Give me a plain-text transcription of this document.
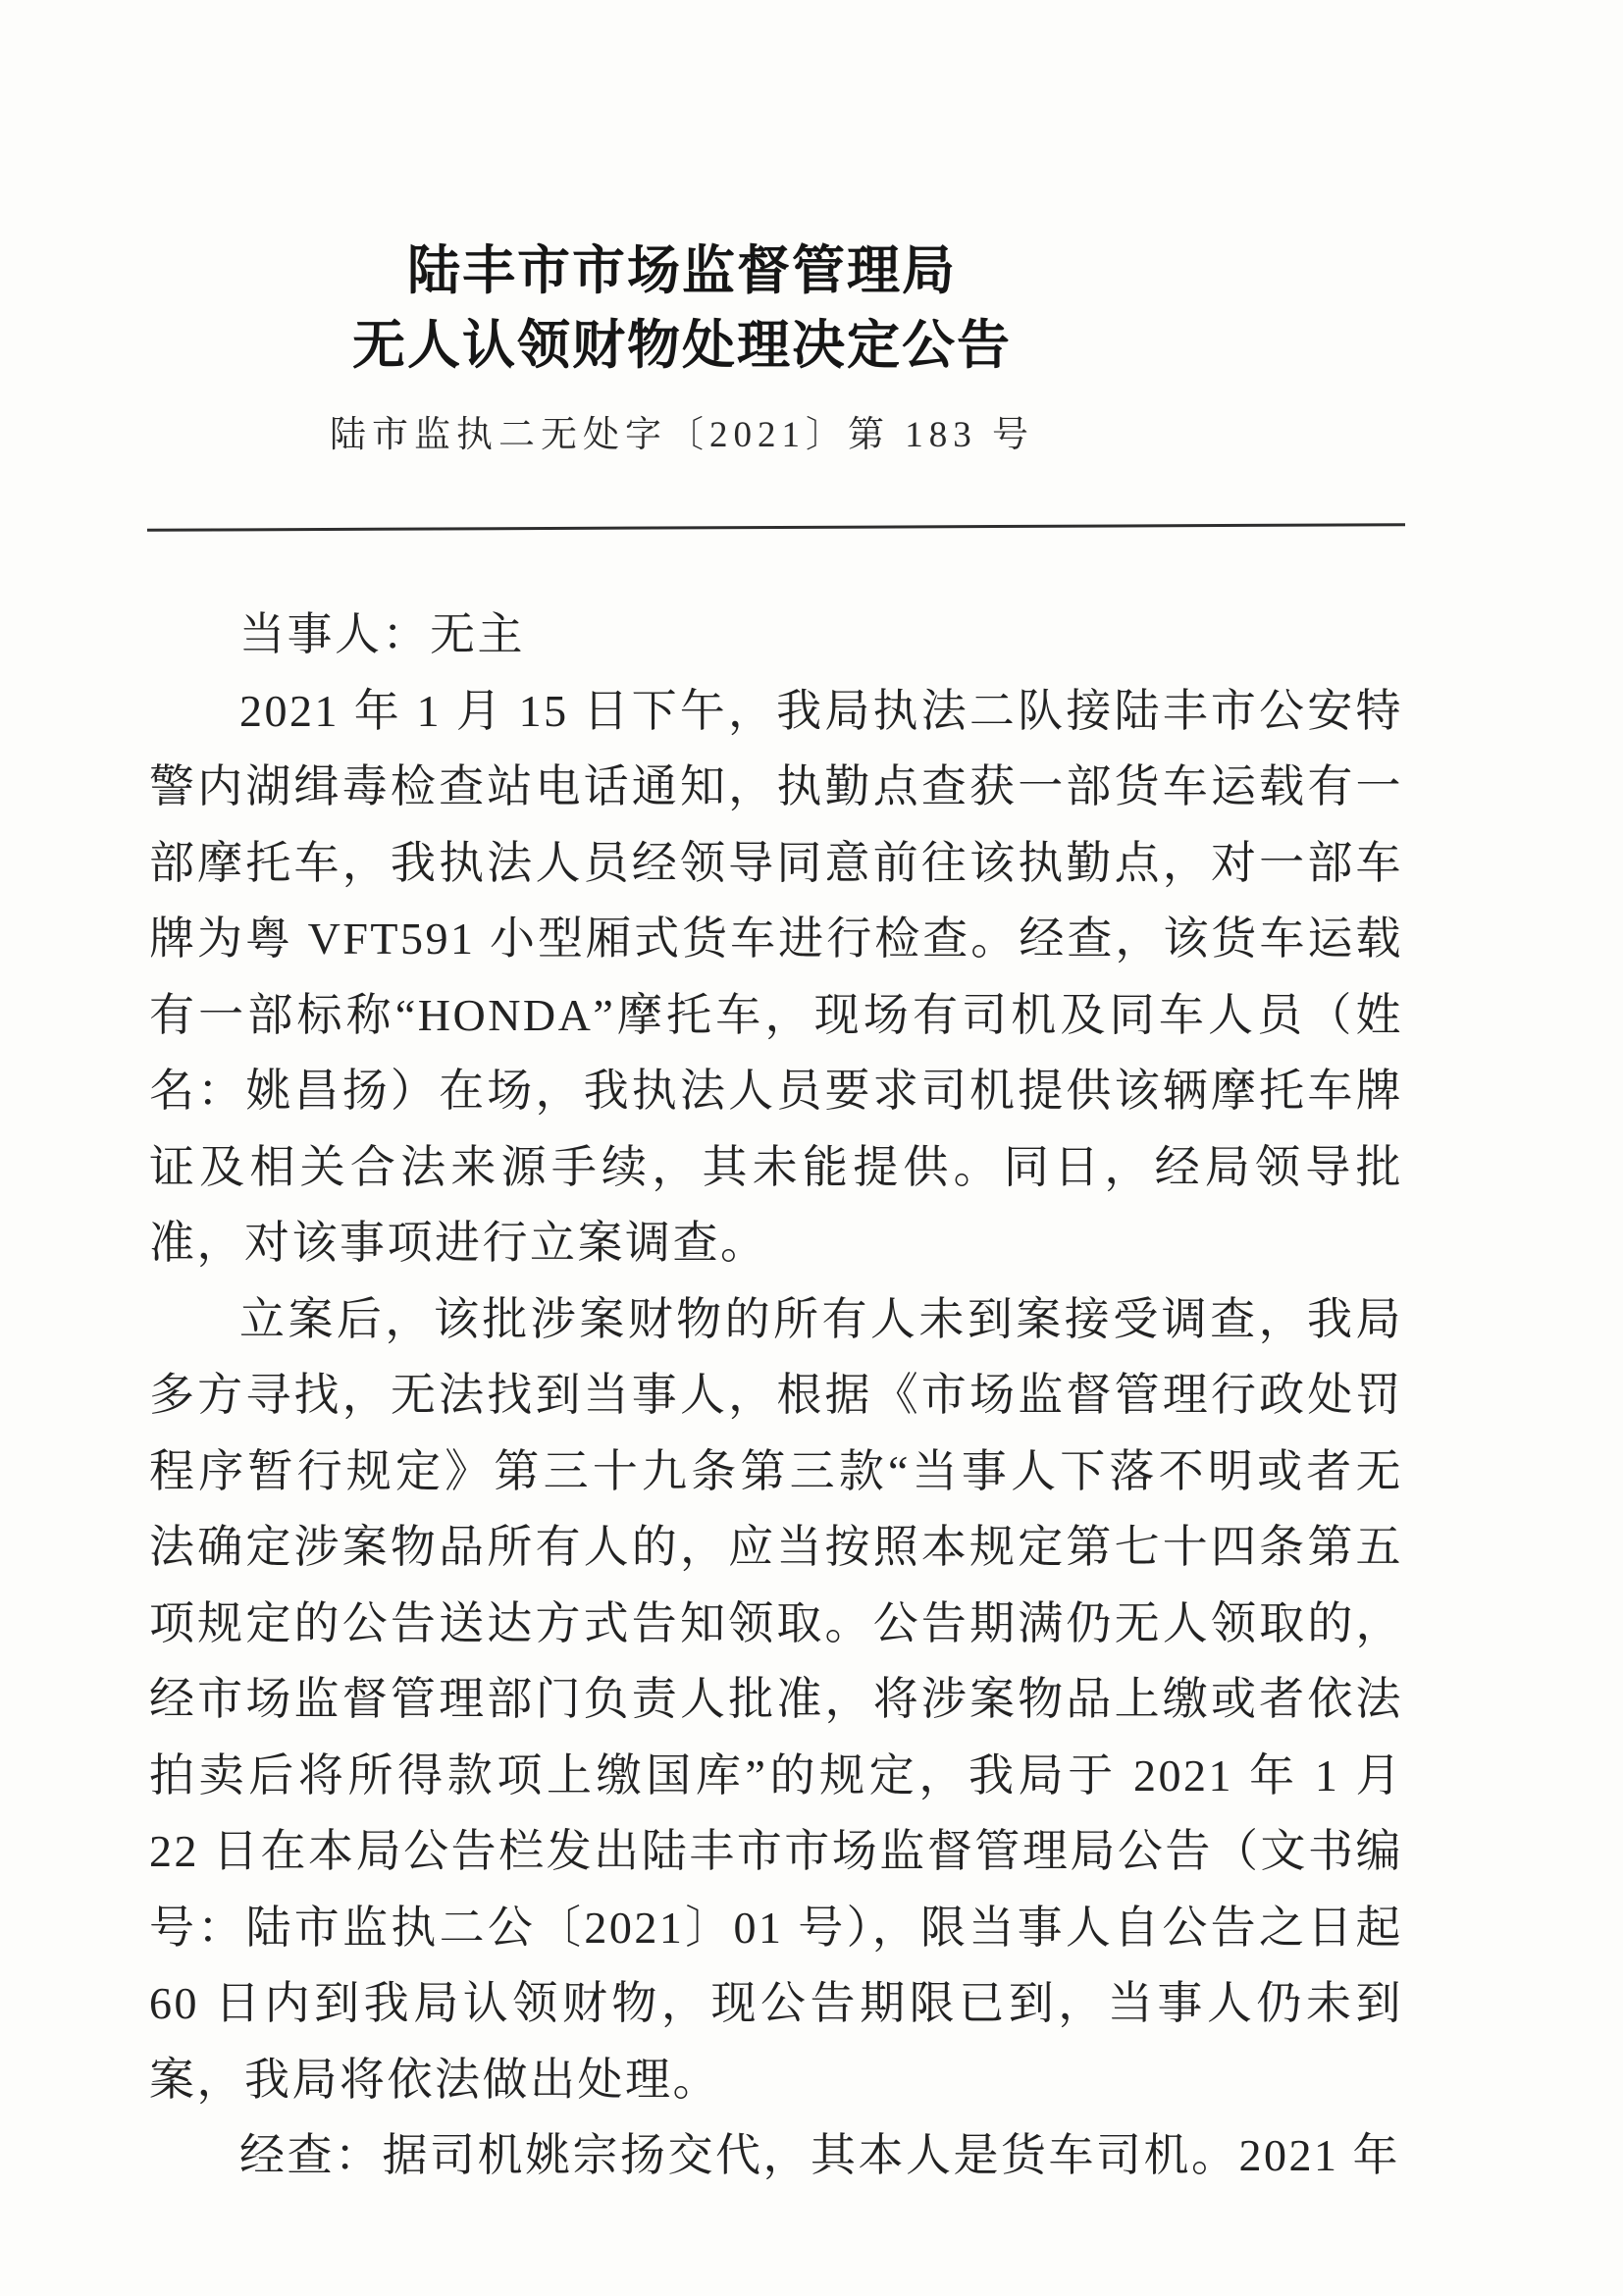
陆丰市市场监督管理局
无人认领财物处理决定公告
陆市监执二无处字〔2021〕第 183 号

当事人：无主

2021 年 1 月 15 日下午，我局执法二队接陆丰市公安特警内湖缉毒检查站电话通知，执勤点查获一部货车运载有一部摩托车，我执法人员经领导同意前往该执勤点，对一部车牌为粤 VFT591 小型厢式货车进行检查。经查，该货车运载有一部标称“HONDA”摩托车，现场有司机及同车人员（姓名：姚昌扬）在场，我执法人员要求司机提供该辆摩托车牌证及相关合法来源手续，其未能提供。同日，经局领导批准，对该事项进行立案调查。

立案后，该批涉案财物的所有人未到案接受调查，我局多方寻找，无法找到当事人，根据《市场监督管理行政处罚程序暂行规定》第三十九条第三款“当事人下落不明或者无法确定涉案物品所有人的，应当按照本规定第七十四条第五项规定的公告送达方式告知领取。公告期满仍无人领取的，经市场监督管理部门负责人批准，将涉案物品上缴或者依法拍卖后将所得款项上缴国库”的规定，我局于 2021 年 1 月 22 日在本局公告栏发出陆丰市市场监督管理局公告（文书编号：陆市监执二公〔2021〕01 号），限当事人自公告之日起 60 日内到我局认领财物，现公告期限已到，当事人仍未到案，我局将依法做出处理。

经查：据司机姚宗扬交代，其本人是货车司机。2021 年
